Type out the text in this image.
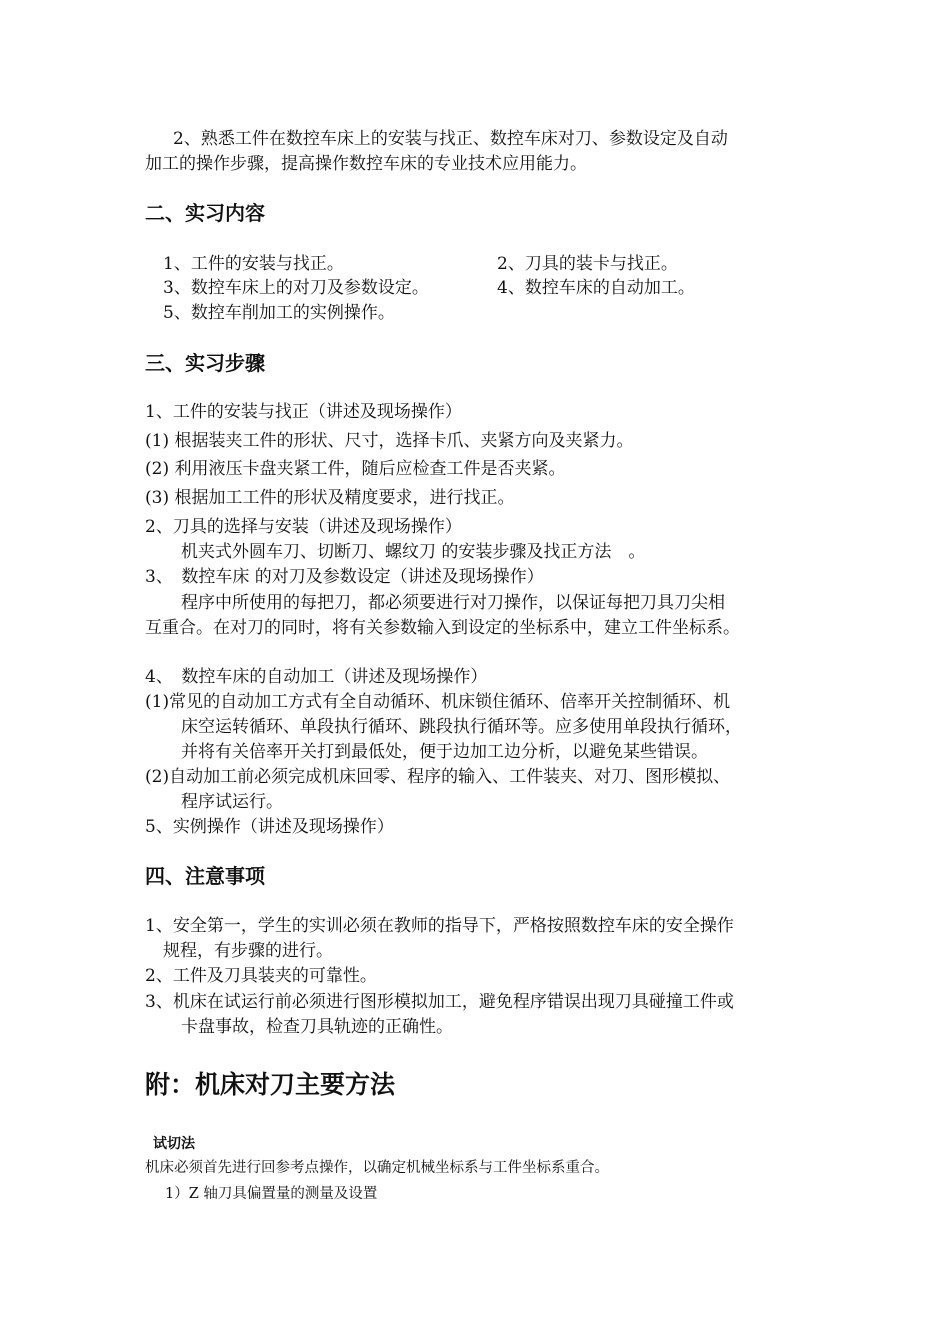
2、熟悉工件在数控车床上的安装与找正、数控车床对刀、参数设定及自动
加工的操作步骤，提高操作数控车床的专业技术应用能力。
二、实习内容
1、工件的安装与找正。	2、刀具的装卡与找正。
3、数控车床上的对刀及参数设定。	4、数控车床的自动加工。
5、数控车削加工的实例操作。
三、实习步骤
1、工件的安装与找正（讲述及现场操作）
(1) 根据装夹工件的形状、尺寸，选择卡爪、夹紧方向及夹紧力。
(2) 利用液压卡盘夹紧工件，随后应检查工件是否夹紧。
(3) 根据加工工件的形状及精度要求，进行找正。
2、刀具的选择与安装（讲述及现场操作）
机夹式外圆车刀、切断刀、螺纹刀 的安装步骤及找正方法　。
3、　数控车床 的对刀及参数设定（讲述及现场操作）
程序中所使用的每把刀，都必须要进行对刀操作，以保证每把刀具刀尖相
互重合。在对刀的同时，将有关参数输入到设定的坐标系中，建立工件坐标系。
4、　数控车床的自动加工（讲述及现场操作）
(1)常见的自动加工方式有全自动循环、机床锁住循环、倍率开关控制循环、机
床空运转循环、单段执行循环、跳段执行循环等。应多使用单段执行循环，
并将有关倍率开关打到最低处，便于边加工边分析，以避免某些错误。
(2)自动加工前必须完成机床回零、程序的输入、工件装夹、对刀、图形模拟、
程序试运行。
5、实例操作（讲述及现场操作）
四、注意事项
1、安全第一，学生的实训必须在教师的指导下，严格按照数控车床的安全操作
规程，有步骤的进行。
2、工件及刀具装夹的可靠性。
3、机床在试运行前必须进行图形模拟加工，避免程序错误出现刀具碰撞工件或
卡盘事故，检查刀具轨迹的正确性。
附：机床对刀主要方法
试切法
机床必须首先进行回参考点操作，以确定机械坐标系与工件坐标系重合。
1）Z 轴刀具偏置量的测量及设置
